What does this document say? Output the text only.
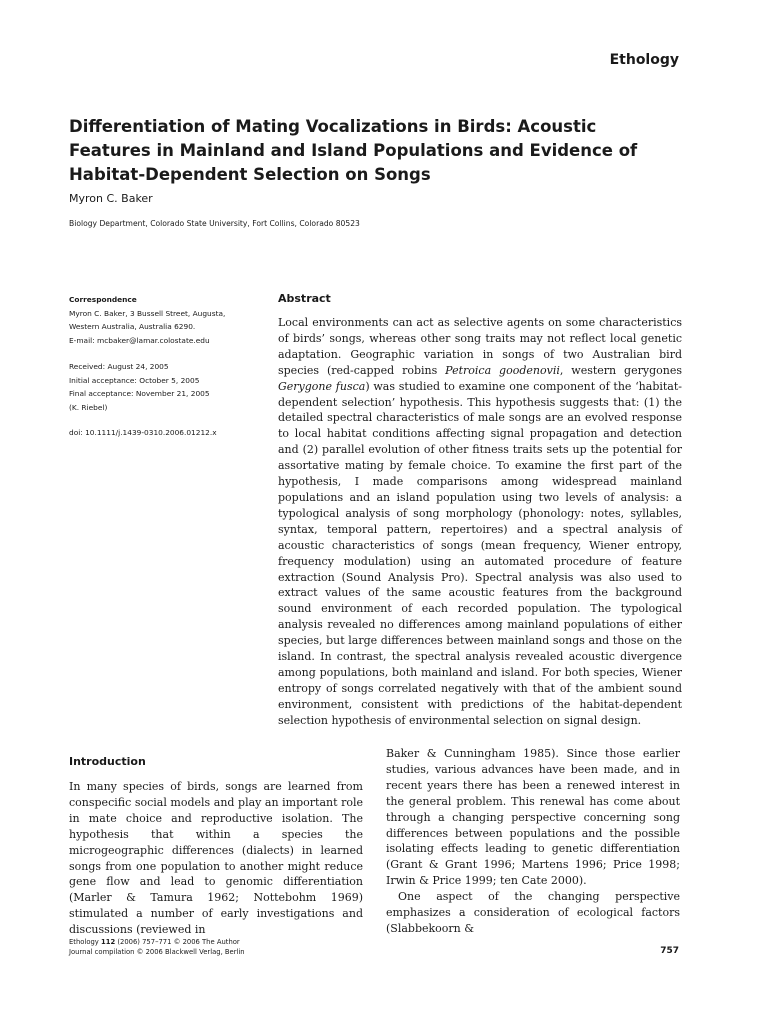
Ethology
Differentiation of Mating Vocalizations in Birds: Acoustic
Features in Mainland and Island Populations and Evidence of
Habitat-Dependent Selection on Songs
Myron C. Baker
Biology Department, Colorado State University, Fort Collins, Colorado 80523
Correspondence
Myron C. Baker, 3 Bussell Street, Augusta,
Western Australia, Australia 6290.
E-mail: mcbaker@lamar.colostate.edu
Received: August 24, 2005
Initial acceptance: October 5, 2005
Final acceptance: November 21, 2005
(K. Riebel)
doi: 10.1111/j.1439-0310.2006.01212.x
Abstract

Local environments can act as selective agents on some characteristics of birds’ songs, whereas other song traits may not reflect local genetic adaptation. Geographic variation in songs of two Australian bird species (red-capped robins Petroica goodenovii, western gerygones Gerygone fusca) was studied to examine one component of the ‘habitat-dependent selection’ hypothesis. This hypothesis suggests that: (1) the detailed spectral characteristics of male songs are an evolved response to local habitat conditions affecting signal propagation and detection and (2) parallel evolution of other fitness traits sets up the potential for assortative mating by female choice. To examine the first part of the hypothesis, I made comparisons among widespread mainland populations and an island population using two levels of analysis: a typological analysis of song morphology (phonology: notes, syllables, syntax, temporal pattern, repertoires) and a spectral analysis of acoustic characteristics of songs (mean frequency, Wiener entropy, frequency modulation) using an automated procedure of feature extraction (Sound Analysis Pro). Spectral analysis was also used to extract values of the same acoustic features from the background sound environment of each recorded population. The typological analysis revealed no differences among mainland populations of either species, but large differences between mainland songs and those on the island. In contrast, the spectral analysis revealed acoustic divergence among populations, both mainland and island. For both species, Wiener entropy of songs correlated negatively with that of the ambient sound environment, consistent with predictions of the habitat-dependent selection hypothesis of environmental selection on signal design.

Introduction

In many species of birds, songs are learned from conspecific social models and play an important role in mate choice and reproductive isolation. The hypothesis that within a species the microgeographic differences (dialects) in learned songs from one population to another might reduce gene flow and lead to genomic differentiation (Marler & Tamura 1962; Nottebohm 1969) stimulated a number of early investigations and discussions (reviewed in

Baker & Cunningham 1985). Since those earlier studies, various advances have been made, and in recent years there has been a renewed interest in the general problem. This renewal has come about through a changing perspective concerning song differences between populations and the possible isolating effects leading to genetic differentiation (Grant & Grant 1996; Martens 1996; Price 1998; Irwin & Price 1999; ten Cate 2000).
One aspect of the changing perspective emphasizes a consideration of ecological factors (Slabbekoorn &

Ethology 112 (2006) 757–771 © 2006 The Author
Journal compilation © 2006 Blackwell Verlag, Berlin	757
